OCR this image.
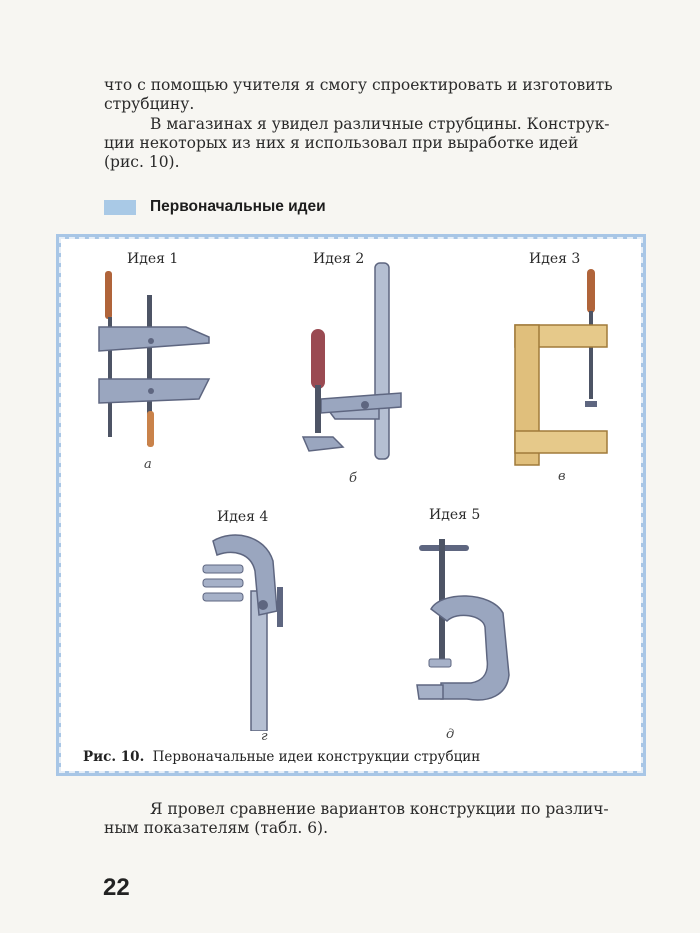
что с помощью учителя я смогу спроектировать и изготовить
струбцину.
В магазинах я увидел различные струбцины. Конструк-
ции некоторых из них я использовал при выработке идей
(рис. 10).
Первоначальные идеи
Идея 1
а
Идея 2
б
Идея 3
в
Идея 4
г
Идея 5
д
Рис. 10. Первоначальные идеи конструкции струбцин
Я провел сравнение вариантов конструкции по различ-
ным показателям (табл. 6).
22
